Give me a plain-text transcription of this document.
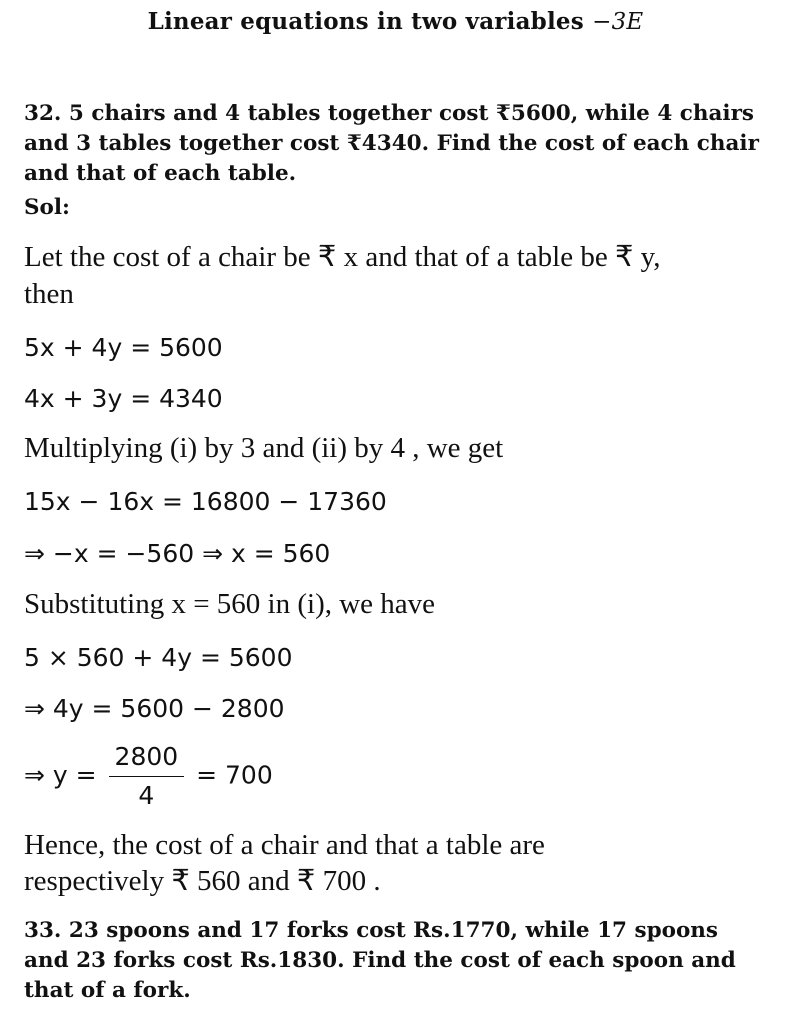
Linear equations in two variables −3E
32. 5 chairs and 4 tables together cost ₹5600, while 4 chairs and 3 tables together cost ₹4340. Find the cost of each chair and that of each table.
Sol:
Let the cost of a chair be ₹ x and that of a table be ₹ y,
then
5x + 4y = 5600
4x + 3y = 4340
Multiplying (i) by 3 and (ii) by 4 , we get
15x − 16x = 16800 − 17360
⇒ −x = −560 ⇒ x = 560
Substituting x = 560 in (i), we have
5 × 560 + 4y = 5600
⇒ 4y = 5600 − 2800
⇒ $y = \frac{2800}{4} = 700$
Hence, the cost of a chair and that a table are
respectively ₹ 560 and ₹ 700 .
33. 23 spoons and 17 forks cost Rs.1770, while 17 spoons and 23 forks cost Rs.1830. Find the cost of each spoon and that of a fork.
